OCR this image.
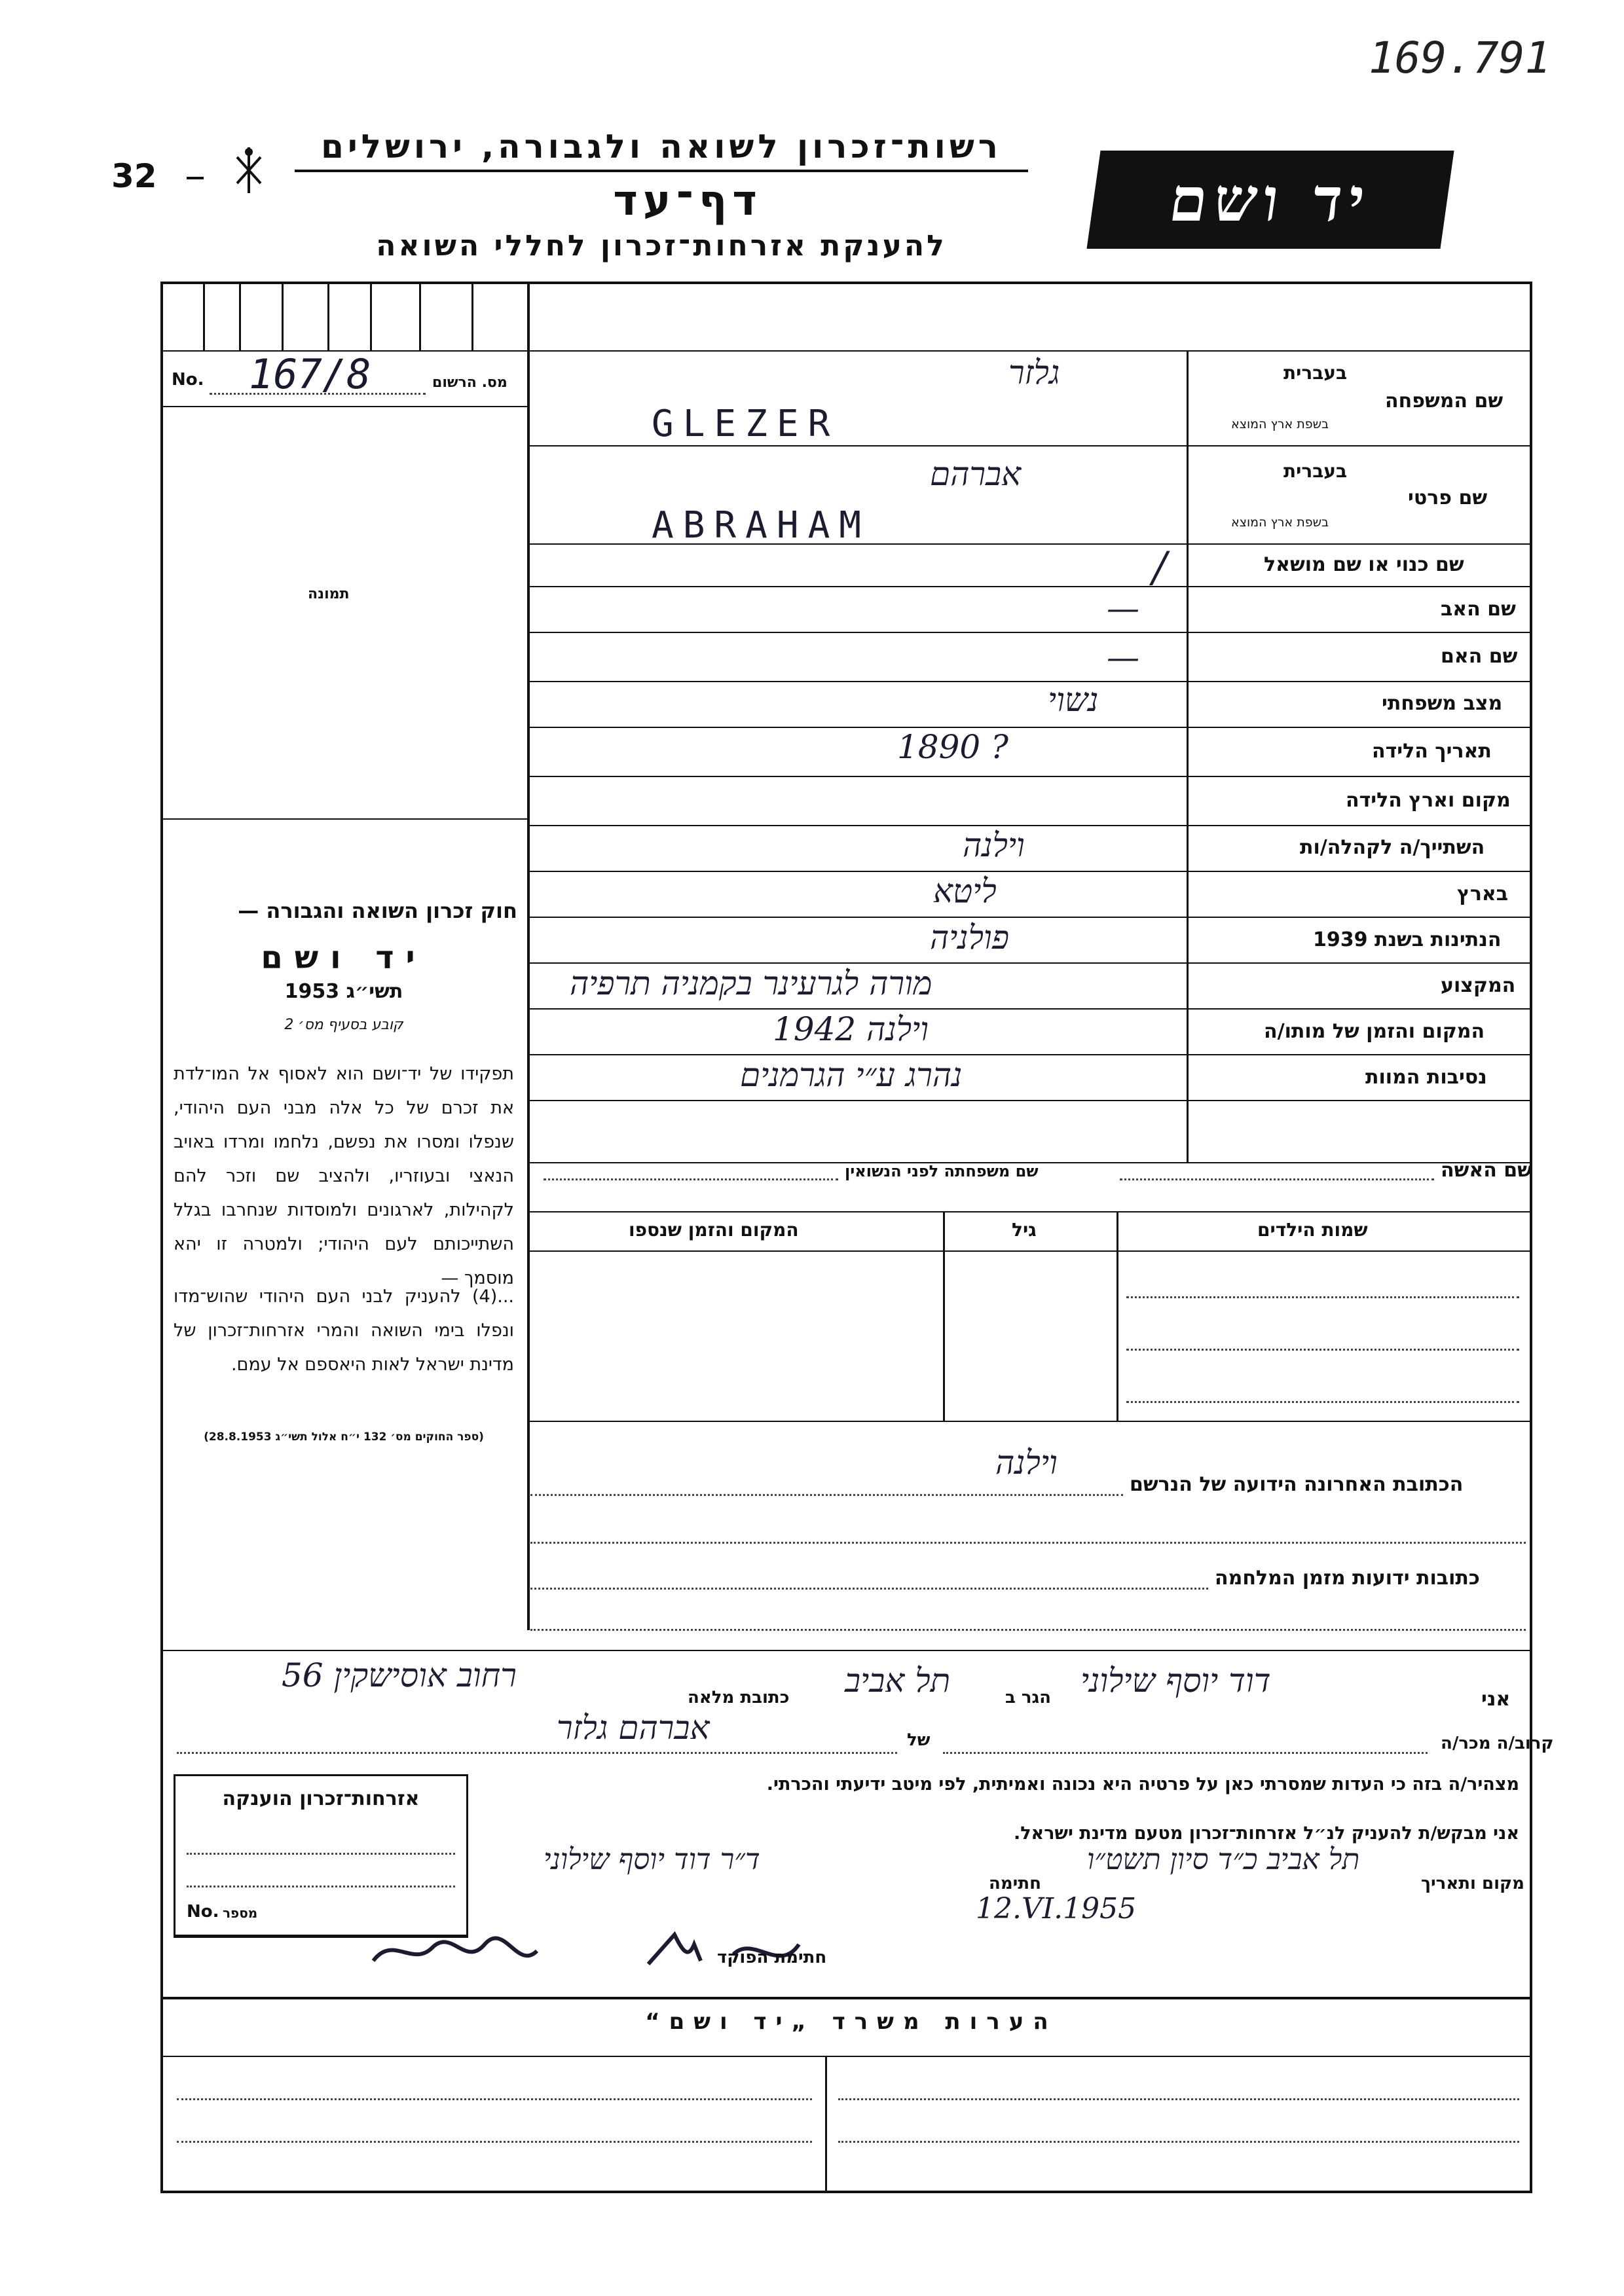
169.791
32
רשות־זכרון לשואה ולגבורה, ירושלים
דף־עד
להענקת אזרחות־זכרון לחללי השואה
יד ושם
No. 167/8	מס. הרשום
תמונה
חוק זכרון השואה והגבורה —
יד ושם
תשי״ג 1953
קובע בסעיף מס׳ 2
תפקידו של יד־ושם הוא לאסוף אל המו־לדת את זכרם של כל אלה מבני העם היהודי, שנפלו ומסרו את נפשם, נלחמו ומרדו באויב הנאצי ובעוזריו, ולהציב שם וזכר להם לקהילות, לארגונים ולמוסדות שנחרבו בגלל השתייכותם לעם היהודי; ולמטרה זו יהא מוסמך —
...(4) להעניק לבני העם היהודי שהוש־מדו ונפלו בימי השואה והמרי אזרחות־זכרון של מדינת ישראל לאות היאספם אל עמם.
(ספר החוקים מס׳ 132 י״ח אלול תשי״ג 28.8.1953)
שם המשפחה
בעברית
בשפת ארץ המוצא
גלזר
GLEZER
שם פרטי
בעברית
בשפת ארץ המוצא
אברהם
ABRAHAM
שם כנוי או שם מושאל
/
שם האב
—
שם האם
—
מצב משפחתי
נשוי
תאריך הלידה
1890 ?
מקום וארץ הלידה
השתייך/ה לקהלה/ות
וילנה
בארץ
ליטא
הנתינות בשנת 1939
פולניה
המקצוע
מורה לגרעינר בקמניה תרפיה
המקום והזמן של מותו/ה
וילנה 1942
נסיבות המוות
נהרג ע״י הגרמנים
שם האשה
שם משפחתה לפני הנשואין
שמות הילדים
גיל
המקום והזמן שנספו
הכתובת האחרונה הידועה של הנרשם
וילנה
כתובות ידועות מזמן המלחמה
אני
דוד יוסף שילוני
הגר ב
תל אביב
כתובת מלאה
רחוב אוסישקין 56
קרוב/ה מכר/ה
של
אברהם גלזר
מצהיר/ה בזה כי העדות שמסרתי כאן על פרטיה היא נכונה ואמיתית, לפי מיטב ידיעתי והכרתי.
אני מבקש/ת להעניק לנ״ל אזרחות־זכרון מטעם מדינת ישראל.
מקום ותאריך
תל אביב כ״ד סיון תשט״ו
חתימה
ד״ר דוד יוסף שילוני
12.VI.1955
אזרחות־זכרון הוענקה
No. מספר
חתימת הפוקד
הערות משרד „יד ושם“
